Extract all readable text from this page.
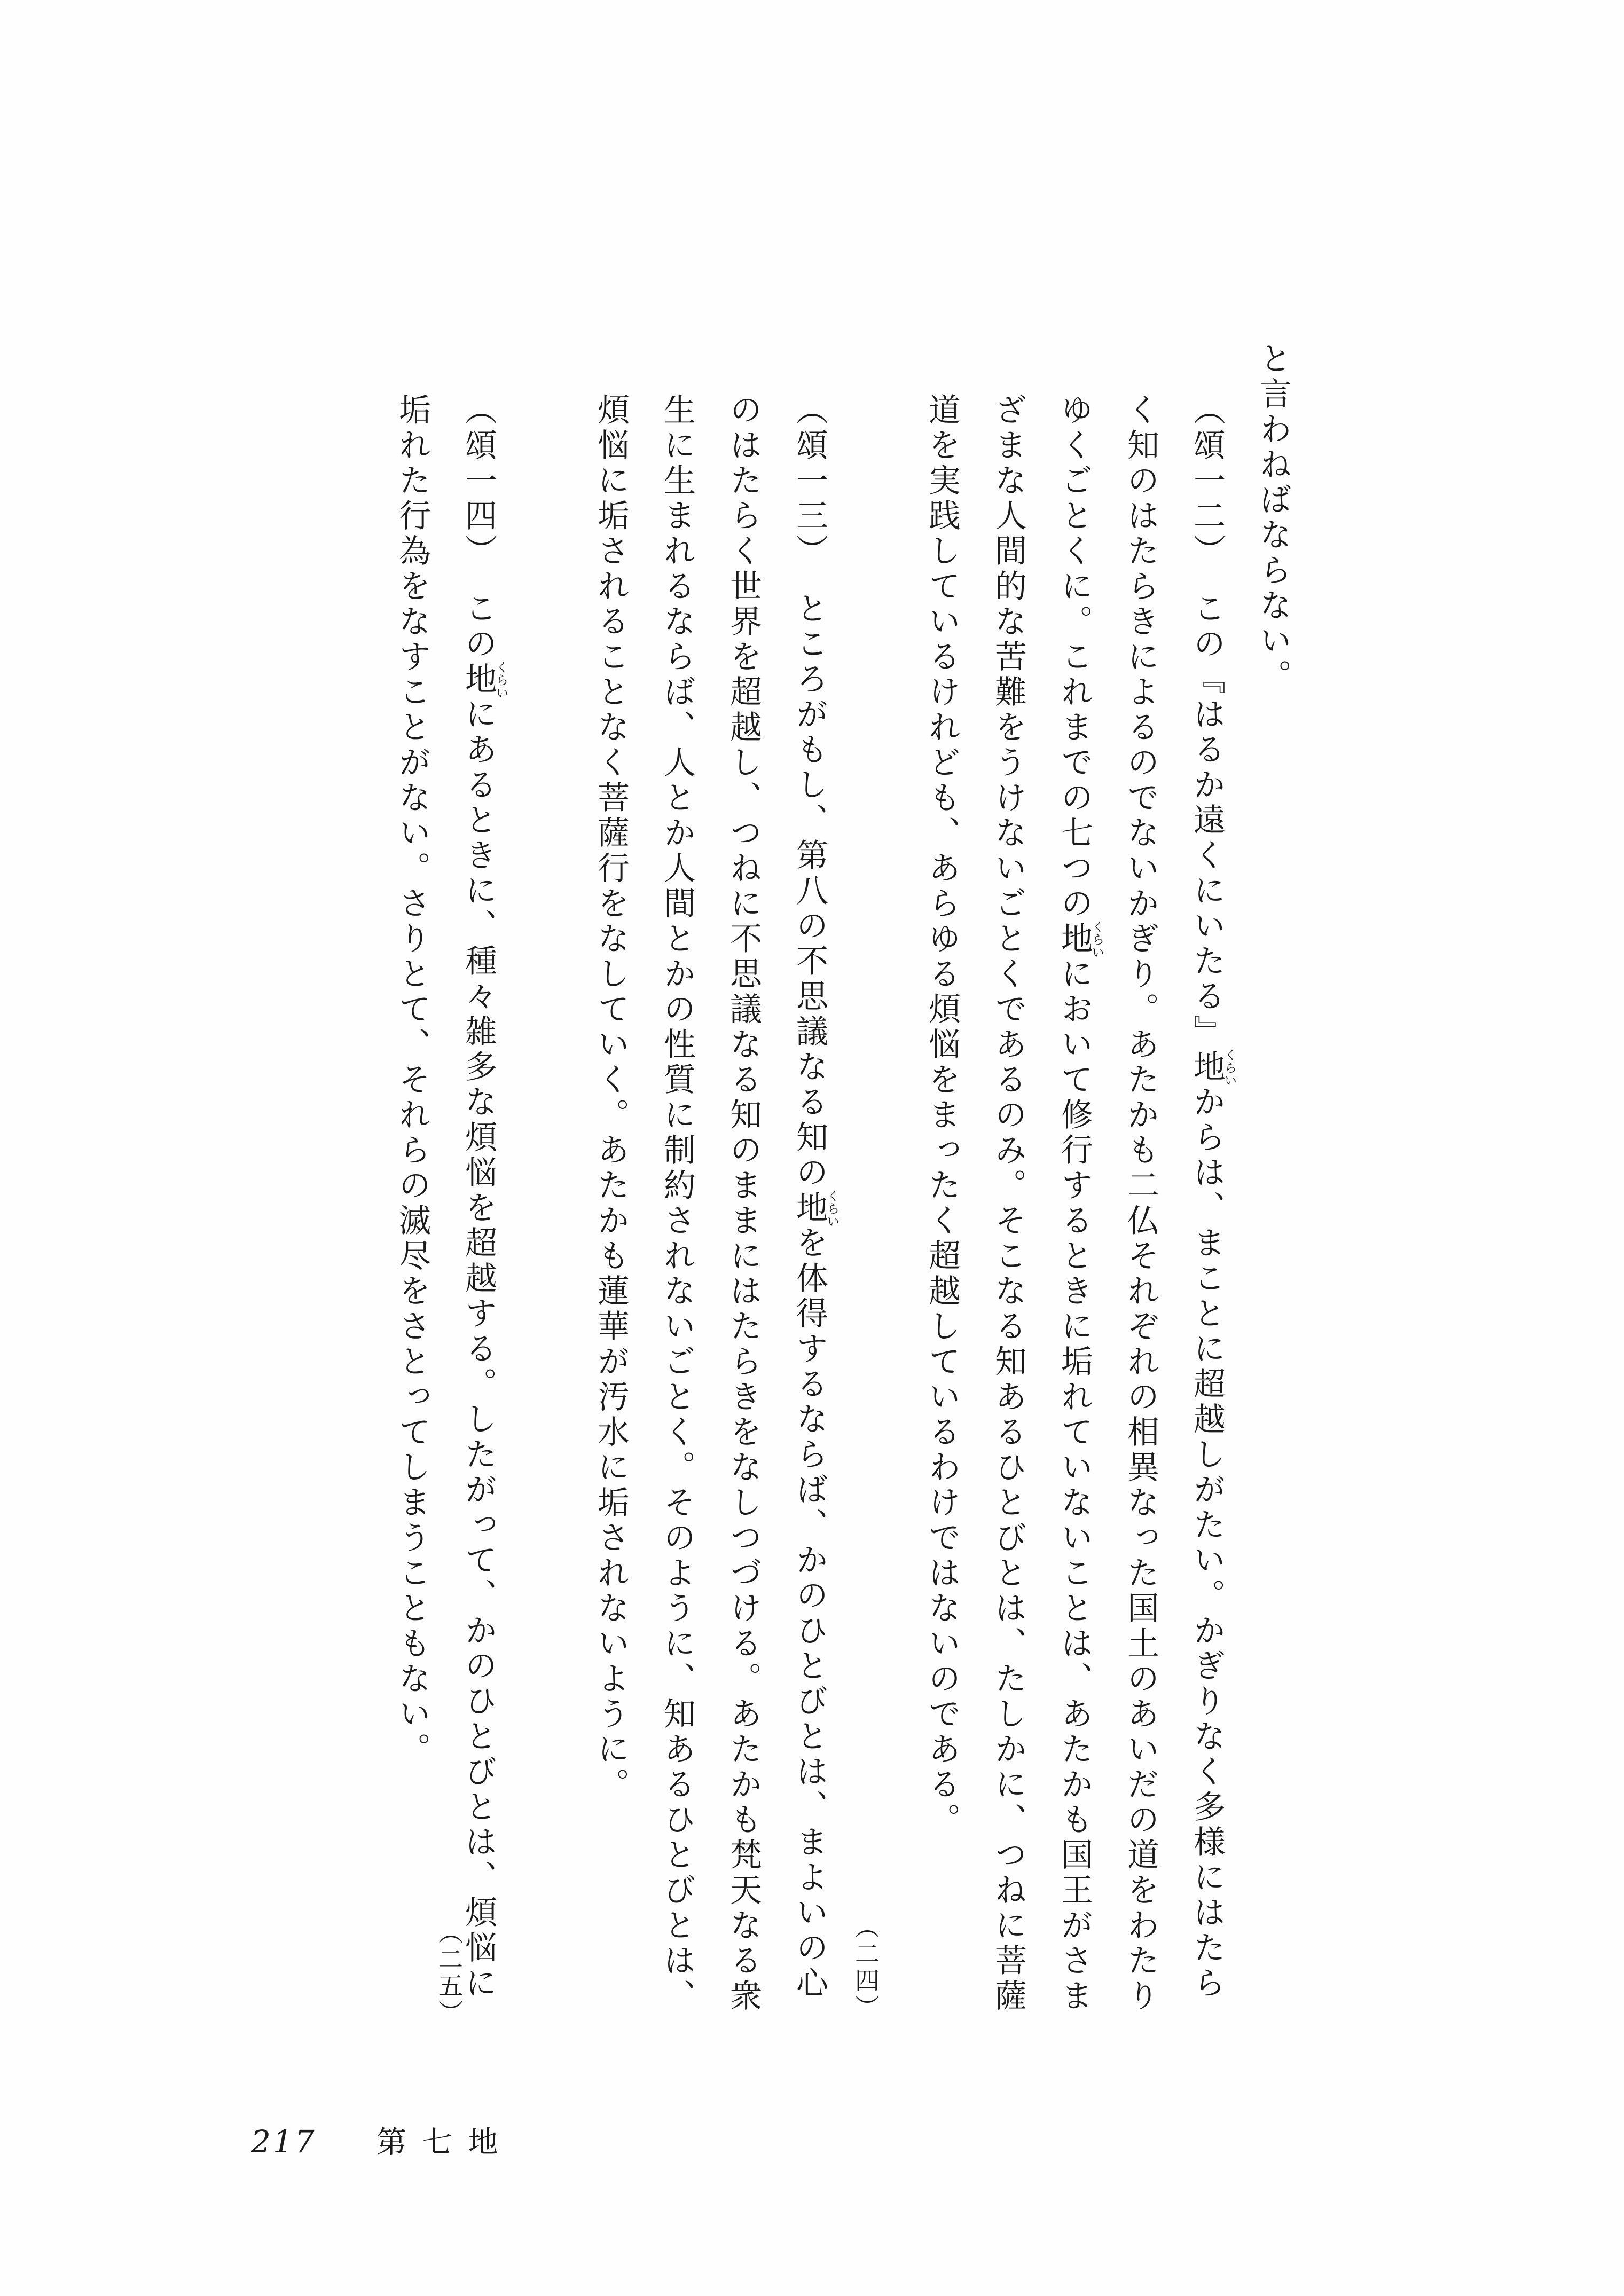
と言わねばならない。

（頌一二）この『はるか遠くにいたる』地くらいからは、まことに超越しがたい。かぎりなく多様にはたらく知のはたらきによるのでないかぎり。あたかも二仏それぞれの相異なった国土のあいだの道をわたりゆくごとくに。これまでの七つの地くらいにおいて修行するときに垢れていないことは、あたかも国王がさまざまな人間的な苦難をうけないごとくであるのみ。そこなる知あるひとびとは、たしかに、つねに菩薩道を実践しているけれども、あらゆる煩悩をまったく超越しているわけではないのである。

（頌一三）ところがもし、第八の不思議なる知の地くらいを体得するならば、かのひとびとは、まよいの心のはたらく世界を超越し、つねに不思議なる知のままにはたらきをなしつづける。あたかも梵天なる衆生に生まれるならば、人とか人間とかの性質に制約されないごとく。そのように、知あるひとびとは、煩悩に垢されることなく菩薩行をなしていく。あたかも蓮華が汚水に垢されないように。

（頌一四）この地くらいにあるときに、種々雑多な煩悩を超越する。したがって、かのひとびとは、煩悩に垢れた行為をなすことがない。さりとて、それらの滅尽をさとってしまうこともない。

（二四）
（二五）
217 第七地
